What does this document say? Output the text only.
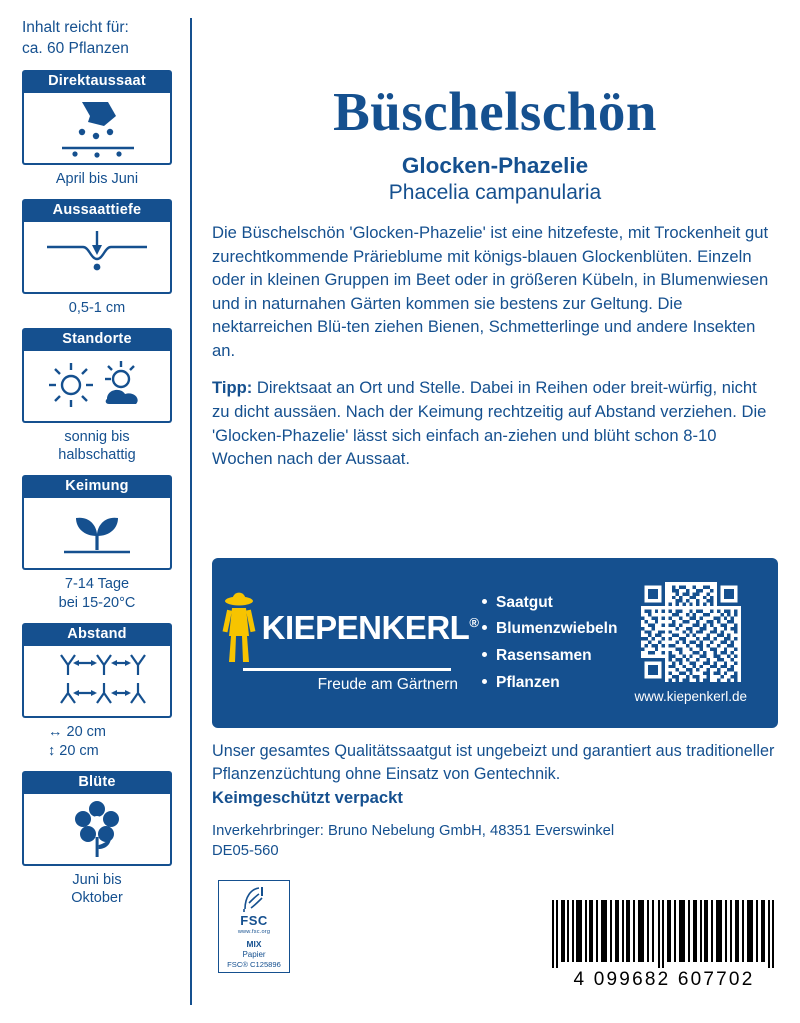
Inhalt reicht für:
ca. 60 Pflanzen
Direktaussaat
April bis Juni
Aussaattiefe
0,5-1 cm
Standorte
sonnig bis
halbschattig
Keimung
7-14 Tage
bei 15-20°C
Abstand
↔ 20 cm
↕ 20 cm
Blüte
Juni bis
Oktober
Büschelschön
Glocken-Phazelie
Phacelia campanularia

Die Büschelschön 'Glocken-Phazelie' ist eine hitzefeste, mit Trockenheit gut zurechtkommende Prärieblume mit königs-blauen Glockenblüten. Einzeln oder in kleinen Gruppen im Beet oder in größeren Kübeln, in Blumenwiesen und in naturnahen Gärten kommen sie bestens zur Geltung. Die nektarreichen Blü-ten ziehen Bienen, Schmetterlinge und andere Insekten an.

Tipp: Direktsaat an Ort und Stelle. Dabei in Reihen oder breit-würfig, nicht zu dicht aussäen. Nach der Keimung rechtzeitig auf Abstand verziehen. Die 'Glocken-Phazelie' lässt sich einfach an-ziehen und blüht schon 8-10 Wochen nach der Aussaat.

KIEPENKERL®
Freude am Gärtnern
Saatgut
Blumenzwiebeln
Rasensamen
Pflanzen
www.kiepenkerl.de

Unser gesamtes Qualitätssaatgut ist ungebeizt und garantiert aus traditioneller Pflanzenzüchtung ohne Einsatz von Gentechnik.

Keimgeschützt verpackt

Inverkehrbringer: Bruno Nebelung GmbH, 48351 Everswinkel

DE05-560

FSC
www.fsc.org
MIX
Papier
FSC® C125896
4 099682 607702
